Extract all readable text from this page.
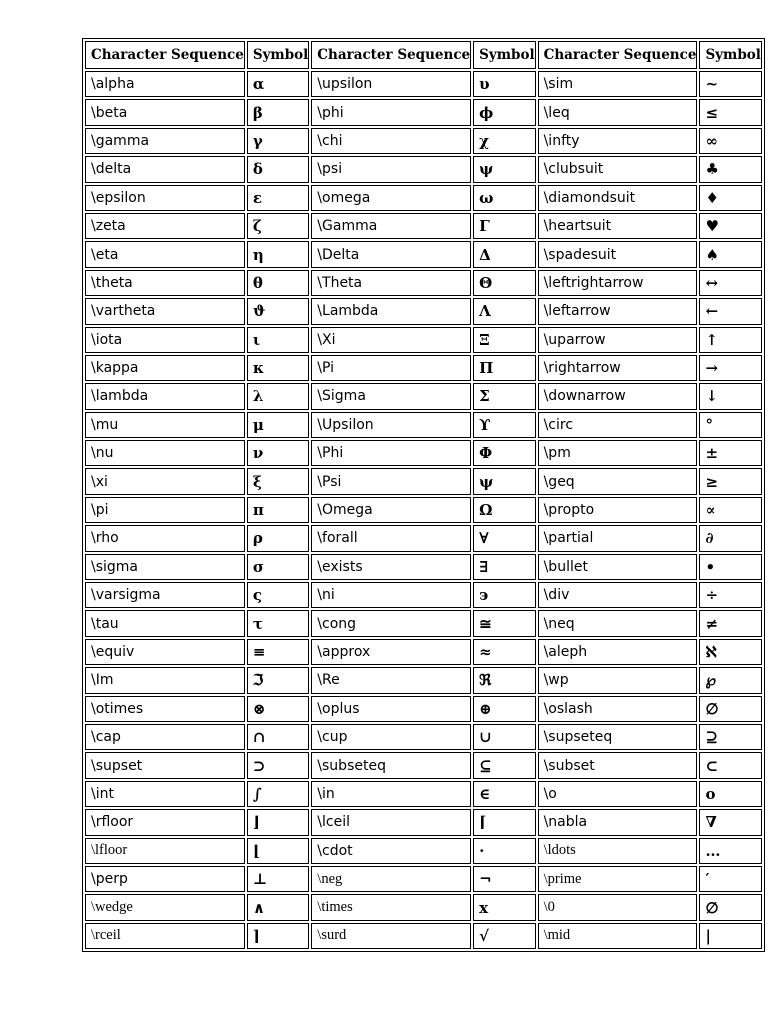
Character Sequence	Symbol	Character Sequence	Symbol	Character Sequence	Symbol
\alpha	α	\upsilon	υ	\sim	~
\beta	β	\phi	ϕ	\leq	≤
\gamma	γ	\chi	χ	\infty	∞
\delta	δ	\psi	ψ	\clubsuit	♣
\epsilon	ε	\omega	ω	\diamondsuit	♦
\zeta	ζ	\Gamma	Γ	\heartsuit	♥
\eta	η	\Delta	Δ	\spadesuit	♠
\theta	θ	\Theta	Θ	\leftrightarrow	↔
\vartheta	ϑ	\Lambda	Λ	\leftarrow	←
\iota	ι	\Xi	Ξ	\uparrow	↑
\kappa	κ	\Pi	Π	\rightarrow	→
\lambda	λ	\Sigma	Σ	\downarrow	↓
\mu	μ	\Upsilon	ϒ	\circ	°
\nu	ν	\Phi	Φ	\pm	±
\xi	ξ	\Psi	ψ	\geq	≥
\pi	π	\Omega	Ω	\propto	∝
\rho	ρ	\forall	∀	\partial	∂
\sigma	σ	\exists	∃	\bullet	•
\varsigma	ς	\ni	϶	\div	÷
\tau	τ	\cong	≅	\neq	≠
\equiv	≡	\approx	≈	\aleph	ℵ
\Im	ℑ	\Re	ℜ	\wp	℘
\otimes	⊗	\oplus	⊕	\oslash	∅
\cap	∩	\cup	∪	\supseteq	⊇
\supset	⊃	\subseteq	⊆	\subset	⊂
\int	∫	\in	∈	\o	ο
\rfloor	⌋	\lceil	⌈	\nabla	∇
\lfloor	⌊	\cdot	·	\ldots	…
\perp	⊥	\neg	¬	\prime	′
\wedge	∧	\times	x	\0	∅
\rceil	⌉	\surd	√	\mid	|
